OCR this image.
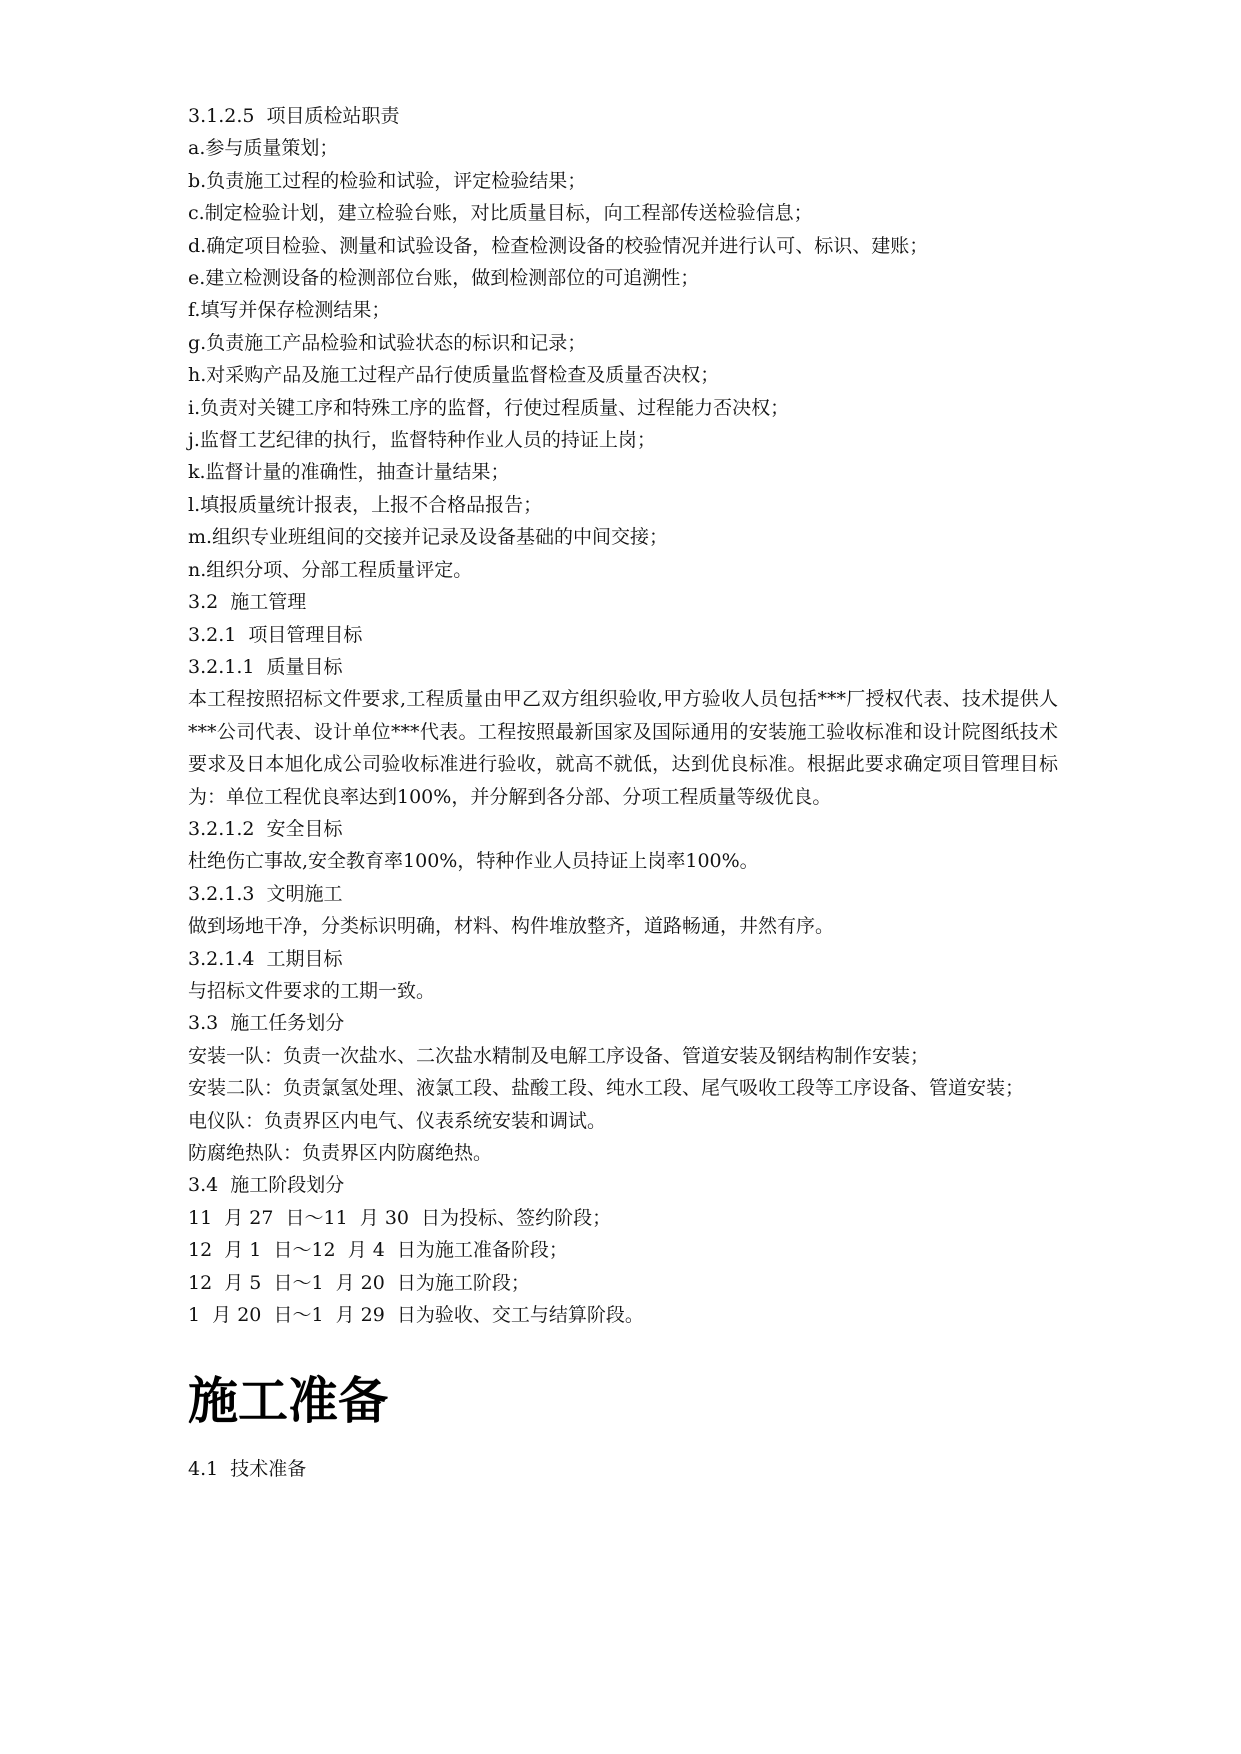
3.1.2.5  项目质检站职责

a.参与质量策划；

b.负责施工过程的检验和试验，评定检验结果；

c.制定检验计划，建立检验台账，对比质量目标，向工程部传送检验信息；

d.确定项目检验、测量和试验设备，检查检测设备的校验情况并进行认可、标识、建账；

e.建立检测设备的检测部位台账，做到检测部位的可追溯性；

f.填写并保存检测结果；

g.负责施工产品检验和试验状态的标识和记录；

h.对采购产品及施工过程产品行使质量监督检查及质量否决权；

i.负责对关键工序和特殊工序的监督，行使过程质量、过程能力否决权；

j.监督工艺纪律的执行，监督特种作业人员的持证上岗；

k.监督计量的准确性，抽查计量结果；

l.填报质量统计报表，上报不合格品报告；

m.组织专业班组间的交接并记录及设备基础的中间交接；

n.组织分项、分部工程质量评定。

3.2  施工管理

3.2.1  项目管理目标

3.2.1.1  质量目标

本工程按照招标文件要求,工程质量由甲乙双方组织验收,甲方验收人员包括***厂授权代表、技术提供人***公司代表、设计单位***代表。工程按照最新国家及国际通用的安装施工验收标准和设计院图纸技术要求及日本旭化成公司验收标准进行验收，就高不就低，达到优良标准。根据此要求确定项目管理目标为：单位工程优良率达到100%，并分解到各分部、分项工程质量等级优良。

3.2.1.2  安全目标

杜绝伤亡事故,安全教育率100%，特种作业人员持证上岗率100%。

3.2.1.3  文明施工

做到场地干净，分类标识明确，材料、构件堆放整齐，道路畅通，井然有序。

3.2.1.4  工期目标

与招标文件要求的工期一致。

3.3  施工任务划分

安装一队：负责一次盐水、二次盐水精制及电解工序设备、管道安装及钢结构制作安装；

安装二队：负责氯氢处理、液氯工段、盐酸工段、纯水工段、尾气吸收工段等工序设备、管道安装；

电仪队：负责界区内电气、仪表系统安装和调试。

防腐绝热队：负责界区内防腐绝热。

3.4  施工阶段划分

11  月 27  日～11  月 30  日为投标、签约阶段；

12  月 1  日～12  月 4  日为施工准备阶段；

12  月 5  日～1  月 20  日为施工阶段；

1  月 20  日～1  月 29  日为验收、交工与结算阶段。

施工准备

4.1  技术准备
